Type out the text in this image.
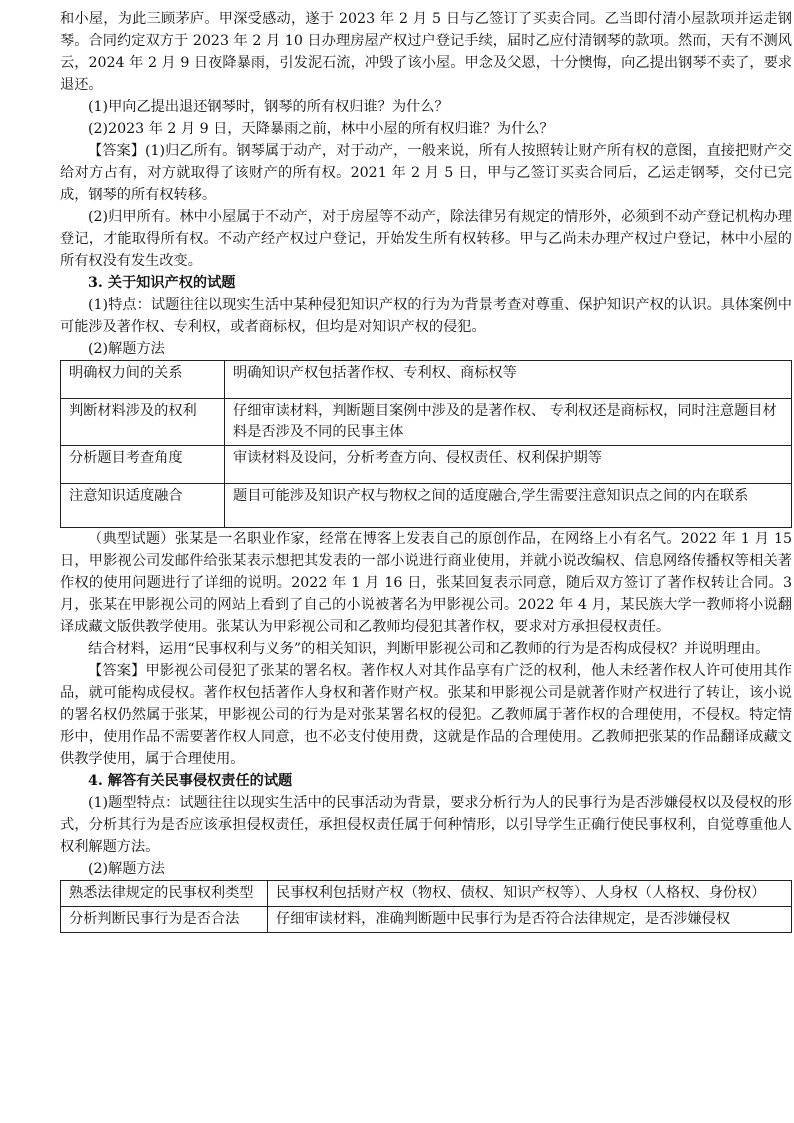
和小屋，为此三顾茅庐。甲深受感动，遂于 2023 年 2 月 5 日与乙签订了买卖合同。乙当即付清小屋款项并运走钢琴。合同约定双方于 2023 年 2 月 10 日办理房屋产权过户登记手续，届时乙应付清钢琴的款项。然而，天有不测风云，2024 年 2 月 9 日夜降暴雨，引发泥石流，冲毁了该小屋。甲念及父恩，十分懊悔，向乙提出钢琴不卖了，要求退还。

(1)甲向乙提出退还钢琴时，钢琴的所有权归谁？为什么？

(2)2023 年 2 月 9 日，天降暴雨之前，林中小屋的所有权归谁？为什么？

【答案】(1)归乙所有。钢琴属于动产，对于动产，一般来说，所有人按照转让财产所有权的意图，直接把财产交给对方占有，对方就取得了该财产的所有权。2021 年 2 月 5 日，甲与乙签订买卖合同后，乙运走钢琴，交付已完成，钢琴的所有权转移。

(2)归甲所有。林中小屋属于不动产，对于房屋等不动产，除法律另有规定的情形外，必须到不动产登记机构办理登记，才能取得所有权。不动产经产权过户登记，开始发生所有权转移。甲与乙尚未办理产权过户登记，林中小屋的所有权没有发生改变。

3. 关于知识产权的试题

(1)特点：试题往往以现实生活中某种侵犯知识产权的行为为背景考查对尊重、保护知识产权的认识。具体案例中可能涉及著作权、专利权，或者商标权，但均是对知识产权的侵犯。

(2)解题方法

明确权力间的关系	明确知识产权包括著作权、专利权、商标权等
判断材料涉及的权利	仔细审读材料，判断题目案例中涉及的是著作权、 专利权还是商标权，同时注意题目材料是否涉及不同的民事主体
分析题目考查角度	审读材料及设问，分析考查方向、侵权责任、权利保护期等
注意知识适度融合	题目可能涉及知识产权与物权之间的适度融合,学生需要注意知识点之间的内在联系

（典型试题）张某是一名职业作家，经常在博客上发表自己的原创作品，在网络上小有名气。2022 年 1 月 15 日，甲影视公司发邮件给张某表示想把其发表的一部小说进行商业使用，并就小说改编权、信息网络传播权等相关著作权的使用问题进行了详细的说明。2022 年 1 月 16 日，张某回复表示同意，随后双方签订了著作权转让合同。3 月，张某在甲影视公司的网站上看到了自己的小说被著名为甲影视公司。2022 年 4 月，某民族大学一教师将小说翻译成藏文版供教学使用。张某认为甲彩视公司和乙教师均侵犯其著作权，要求对方承担侵权责任。

结合材料，运用“民事权利与义务”的相关知识，判断甲影视公司和乙教师的行为是否构成侵权？并说明理由。

【答案】甲影视公司侵犯了张某的署名权。著作权人对其作品享有广泛的权利，他人未经著作权人许可使用其作品，就可能构成侵权。著作权包括著作人身权和著作财产权。张某和甲影视公司是就著作财产权进行了转让，该小说的署名权仍然属于张某，甲影视公司的行为是对张某署名权的侵犯。乙教师属于著作权的合理使用，不侵权。特定情形中，使用作品不需要著作权人同意，也不必支付使用费，这就是作品的合理使用。乙教师把张某的作品翻译成藏文供教学使用，属于合理使用。

4. 解答有关民事侵权责任的试题

(1)题型特点：试题往往以现实生活中的民事活动为背景，要求分析行为人的民事行为是否涉嫌侵权以及侵权的形式，分析其行为是否应该承担侵权责任，承担侵权责任属于何种情形，以引导学生正确行使民事权利，自觉尊重他人权利解题方法。

(2)解题方法

熟悉法律规定的民事权利类型	民事权利包括财产权（物权、债权、知识产权等）、人身权（人格权、身份权）
分析判断民事行为是否合法	仔细审读材料，准确判断题中民事行为是否符合法律规定，是否涉嫌侵权
